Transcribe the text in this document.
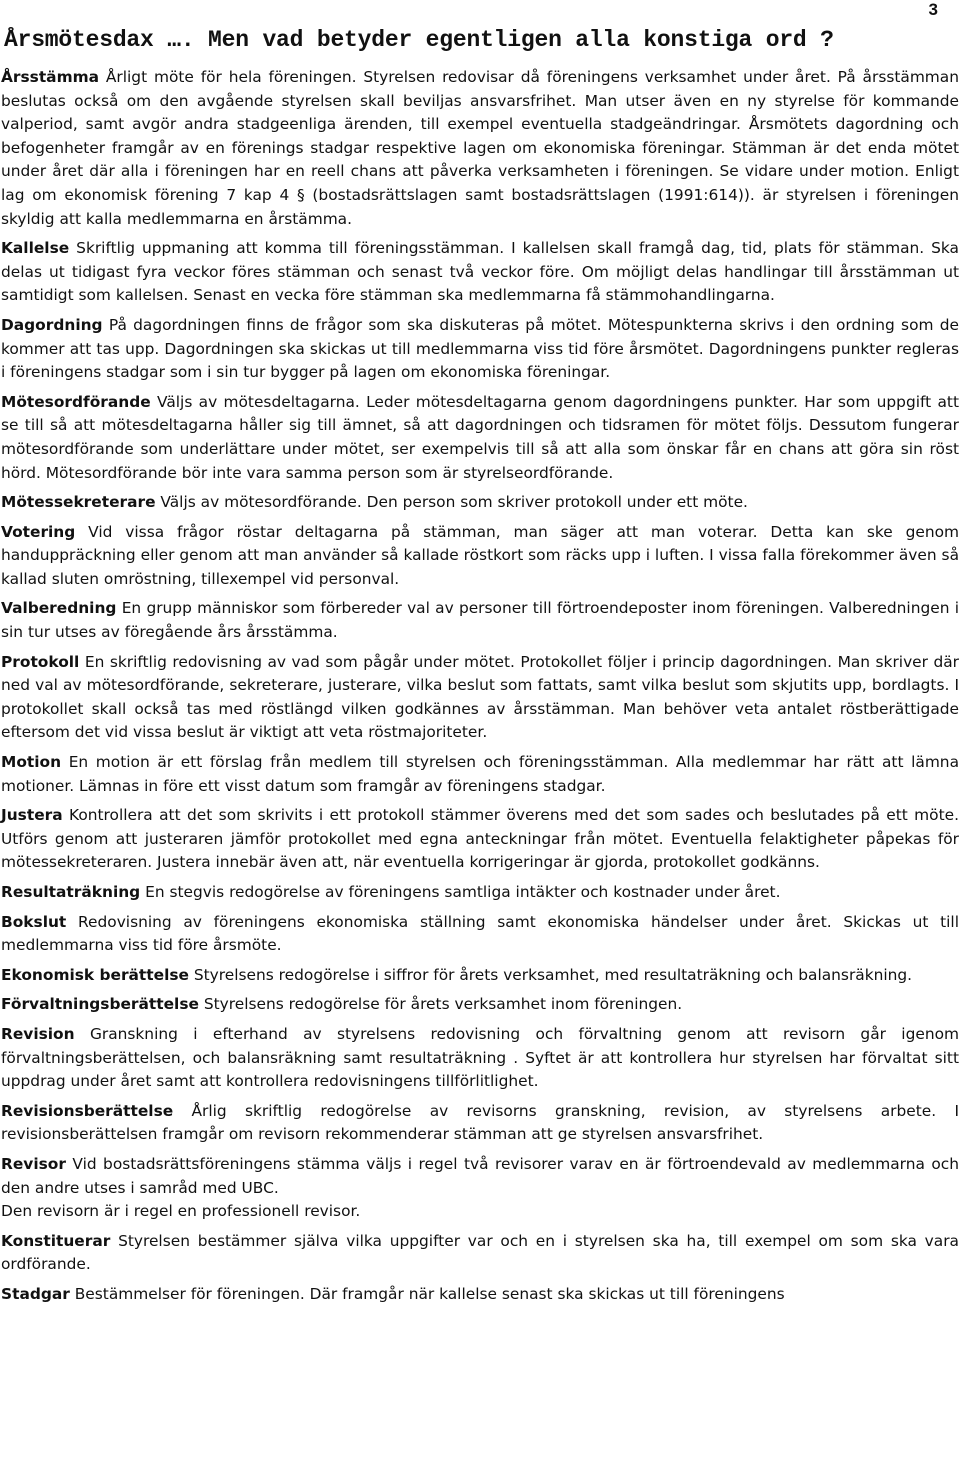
3
Årsmötesdax …. Men vad betyder egentligen alla konstiga ord ?

Årsstämma Årligt möte för hela föreningen. Styrelsen redovisar då föreningens verksamhet under året. På årsstämman beslutas också om den avgående styrelsen skall beviljas ansvarsfrihet. Man utser även en ny styrelse för kommande valperiod, samt avgör andra stadgeenliga ärenden, till exempel eventuella stadgeändringar. Årsmötets dagordning och befogenheter framgår av en förenings stadgar respektive lagen om ekonomiska föreningar. Stämman är det enda mötet under året där alla i föreningen har en reell chans att påverka verksamheten i föreningen. Se vidare under motion. Enligt lag om ekonomisk förening 7 kap 4 § (bostadsrättslagen samt bostadsrättslagen (1991:614)). är styrelsen i föreningen skyldig att kalla medlemmarna en årstämma.

Kallelse Skriftlig uppmaning att komma till föreningsstämman. I kallelsen skall framgå dag, tid, plats för stämman. Ska delas ut tidigast fyra veckor föres stämman och senast två veckor före. Om möjligt delas handlingar till årsstämman ut samtidigt som kallelsen. Senast en vecka före stämman ska medlemmarna få stämmohandlingarna.

Dagordning På dagordningen finns de frågor som ska diskuteras på mötet. Mötespunkterna skrivs i den ordning som de kommer att tas upp. Dagordningen ska skickas ut till medlemmarna viss tid före årsmötet. Dagordningens punkter regleras i föreningens stadgar som i sin tur bygger på lagen om ekonomiska föreningar.

Mötesordförande Väljs av mötesdeltagarna. Leder mötesdeltagarna genom dagordningens punkter. Har som uppgift att se till så att mötesdeltagarna håller sig till ämnet, så att dagordningen och tidsramen för mötet följs. Dessutom fungerar mötesordförande som underlättare under mötet, ser exempelvis till så att alla som önskar får en chans att göra sin röst hörd. Mötesordförande bör inte vara samma person som är styrelseordförande.

Mötessekreterare Väljs av mötesordförande. Den person som skriver protokoll under ett möte.

Votering Vid vissa frågor röstar deltagarna på stämman, man säger att man voterar. Detta kan ske genom handuppräckning eller genom att man använder så kallade röstkort som räcks upp i luften. I vissa falla förekommer även så kallad sluten omröstning, tillexempel vid personval.

Valberedning En grupp människor som förbereder val av personer till förtroendeposter inom föreningen. Valberedningen i sin tur utses av föregående års årsstämma.

Protokoll En skriftlig redovisning av vad som pågår under mötet. Protokollet följer i princip dagordningen. Man skriver där ned val av mötesordförande, sekreterare, justerare, vilka beslut som fattats, samt vilka beslut som skjutits upp, bordlagts. I protokollet skall också tas med röstlängd vilken godkännes av årsstämman. Man behöver veta antalet röstberättigade eftersom det vid vissa beslut är viktigt att veta röstmajoriteter.

Motion En motion är ett förslag från medlem till styrelsen och föreningsstämman. Alla medlemmar har rätt att lämna motioner. Lämnas in före ett visst datum som framgår av föreningens stadgar.

Justera Kontrollera att det som skrivits i ett protokoll stämmer överens med det som sades och beslutades på ett möte. Utförs genom att justeraren jämför protokollet med egna anteckningar från mötet. Eventuella felaktigheter påpekas för mötessekreteraren. Justera innebär även att, när eventuella korrigeringar är gjorda, protokollet godkänns.

Resultaträkning En stegvis redogörelse av föreningens samtliga intäkter och kostnader under året.

Bokslut Redovisning av föreningens ekonomiska ställning samt ekonomiska händelser under året. Skickas ut till medlemmarna viss tid före årsmöte.

Ekonomisk berättelse Styrelsens redogörelse i siffror för årets verksamhet, med resultaträkning och balansräkning.

Förvaltningsberättelse Styrelsens redogörelse för årets verksamhet inom föreningen.

Revision Granskning i efterhand av styrelsens redovisning och förvaltning genom att revisorn går igenom förvaltningsberättelsen, och balansräkning samt resultaträkning . Syftet är att kontrollera hur styrelsen har förvaltat sitt uppdrag under året samt att kontrollera redovisningens tillförlitlighet.

Revisionsberättelse Årlig skriftlig redogörelse av revisorns granskning, revision, av styrelsens arbete. I revisionsberättelsen framgår om revisorn rekommenderar stämman att ge styrelsen ansvarsfrihet.

Revisor Vid bostadsrättsföreningens stämma väljs i regel två revisorer varav en är förtroendevald av medlemmarna och den andre utses i samråd med UBC.
Den revisorn är i regel en professionell revisor.

Konstituerar Styrelsen bestämmer själva vilka uppgifter var och en i styrelsen ska ha, till exempel om som ska vara ordförande.

Stadgar Bestämmelser för föreningen. Där framgår när kallelse senast ska skickas ut till föreningens
